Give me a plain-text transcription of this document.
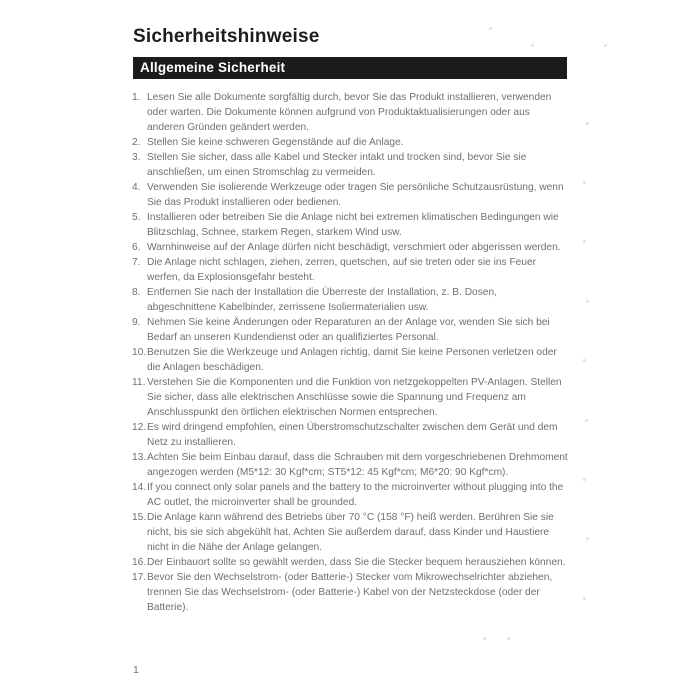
Sicherheitshinweise
Allgemeine Sicherheit
1. Lesen Sie alle Dokumente sorgfältig durch, bevor Sie das Produkt installieren, verwenden oder warten. Die Dokumente können aufgrund von Produktaktualisierungen oder aus anderen Gründen geändert werden.
2. Stellen Sie keine schweren Gegenstände auf die Anlage.
3. Stellen Sie sicher, dass alle Kabel und Stecker intakt und trocken sind, bevor Sie sie anschließen, um einen Stromschlag zu vermeiden.
4. Verwenden Sie isolierende Werkzeuge oder tragen Sie persönliche Schutzausrüstung, wenn Sie das Produkt installieren oder bedienen.
5. Installieren oder betreiben Sie die Anlage nicht bei extremen klimatischen Bedingungen wie Blitzschlag, Schnee, starkem Regen, starkem Wind usw.
6. Warnhinweise auf der Anlage dürfen nicht beschädigt, verschmiert oder abgerissen werden.
7. Die Anlage nicht schlagen, ziehen, zerren, quetschen, auf sie treten oder sie ins Feuer werfen, da Explosionsgefahr besteht.
8. Entfernen Sie nach der Installation die Überreste der Installation, z. B. Dosen, abgeschnittene Kabelbinder, zerrissene Isoliermaterialien usw.
9. Nehmen Sie keine Änderungen oder Reparaturen an der Anlage vor, wenden Sie sich bei Bedarf an unseren Kundendienst oder an qualifiziertes Personal.
10. Benutzen Sie die Werkzeuge und Anlagen richtig, damit Sie keine Personen verletzen oder die Anlagen beschädigen.
11. Verstehen Sie die Komponenten und die Funktion von netzgekoppelten PV-Anlagen. Stellen Sie sicher, dass alle elektrischen Anschlüsse sowie die Spannung und Frequenz am Anschlusspunkt den örtlichen elektrischen Normen entsprechen.
12. Es wird dringend empfohlen, einen Überstromschutzschalter zwischen dem Gerät und dem Netz zu installieren.
13. Achten Sie beim Einbau darauf, dass die Schrauben mit dem vorgeschriebenen Drehmoment angezogen werden (M5*12: 30 Kgf*cm; ST5*12: 45 Kgf*cm; M6*20: 90 Kgf*cm).
14. If you connect only solar panels and the battery to the microinverter without plugging into the AC outlet, the microinverter shall be grounded.
15. Die Anlage kann während des Betriebs über 70 °C (158 °F) heiß werden. Berühren Sie sie nicht, bis sie sich abgekühlt hat. Achten Sie außerdem darauf, dass Kinder und Haustiere nicht in die Nähe der Anlage gelangen.
16. Der Einbauort sollte so gewählt werden, dass Sie die Stecker bequem herausziehen können.
17. Bevor Sie den Wechselstrom- (oder Batterie-) Stecker vom Mikrowechselrichter abziehen, trennen Sie das Wechselstrom- (oder Batterie-) Kabel von der Netzsteckdose (oder der Batterie).
1
